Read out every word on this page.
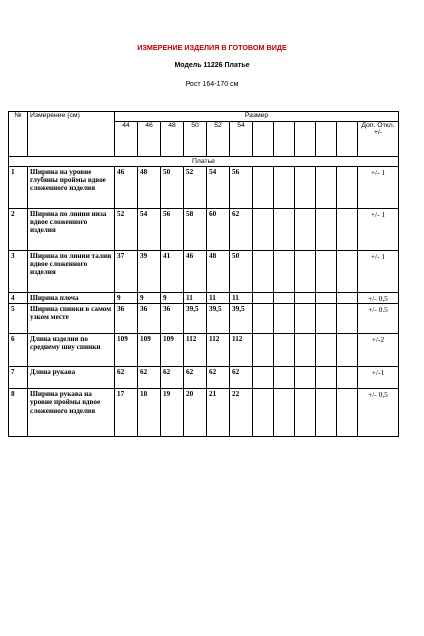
ИЗМЕРЕНИЕ ИЗДЕЛИЯ В ГОТОВОМ ВИДЕ
Модель 11226 Платье
Рост 164-170 см
№	Измерение (см)	Размер											
		44	46	48	50	52	54						Доп. Откл. +/-
Платье													
1	Ширина на уровне глубины проймы вдвое сложенного изделия	46	48	50	52	54	56						+/- 1
2	Ширина по линии низа вдвое сложенного изделия	52	54	56	58	60	62						+/- 1
3	Ширина по линии талии вдвое сложенного изделия	37	39	41	46	48	50						+/- 1
4	Ширина плеча	9	9	9	11	11	11						+/- 0,5
5	Ширина спинки в самом узком месте	36	36	36	39,5	39,5	39,5						+/- 0.5
6	Длина изделия по среднему шву спинки	109	109	109	112	112	112						+/-2
7	Длина рукава	62	62	62	62	62	62						+/-1
8	Ширина рукава на уровне проймы вдвое сложенного изделия	17	18	19	20	21	22						+/- 0,5
